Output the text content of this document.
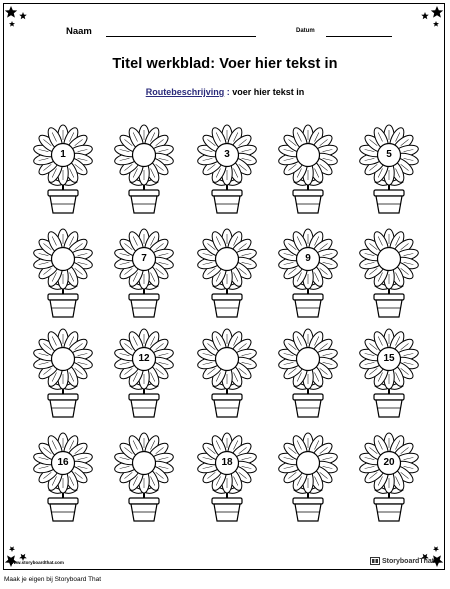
Naam	Datum
Titel werkblad: Voer hier tekst in
Routebeschrijving : voer hier tekst in
1	3	5
7	9
12	15
16	18	20
www.storyboardthat.com	StoryboardThat
Maak je eigen bij Storyboard That
